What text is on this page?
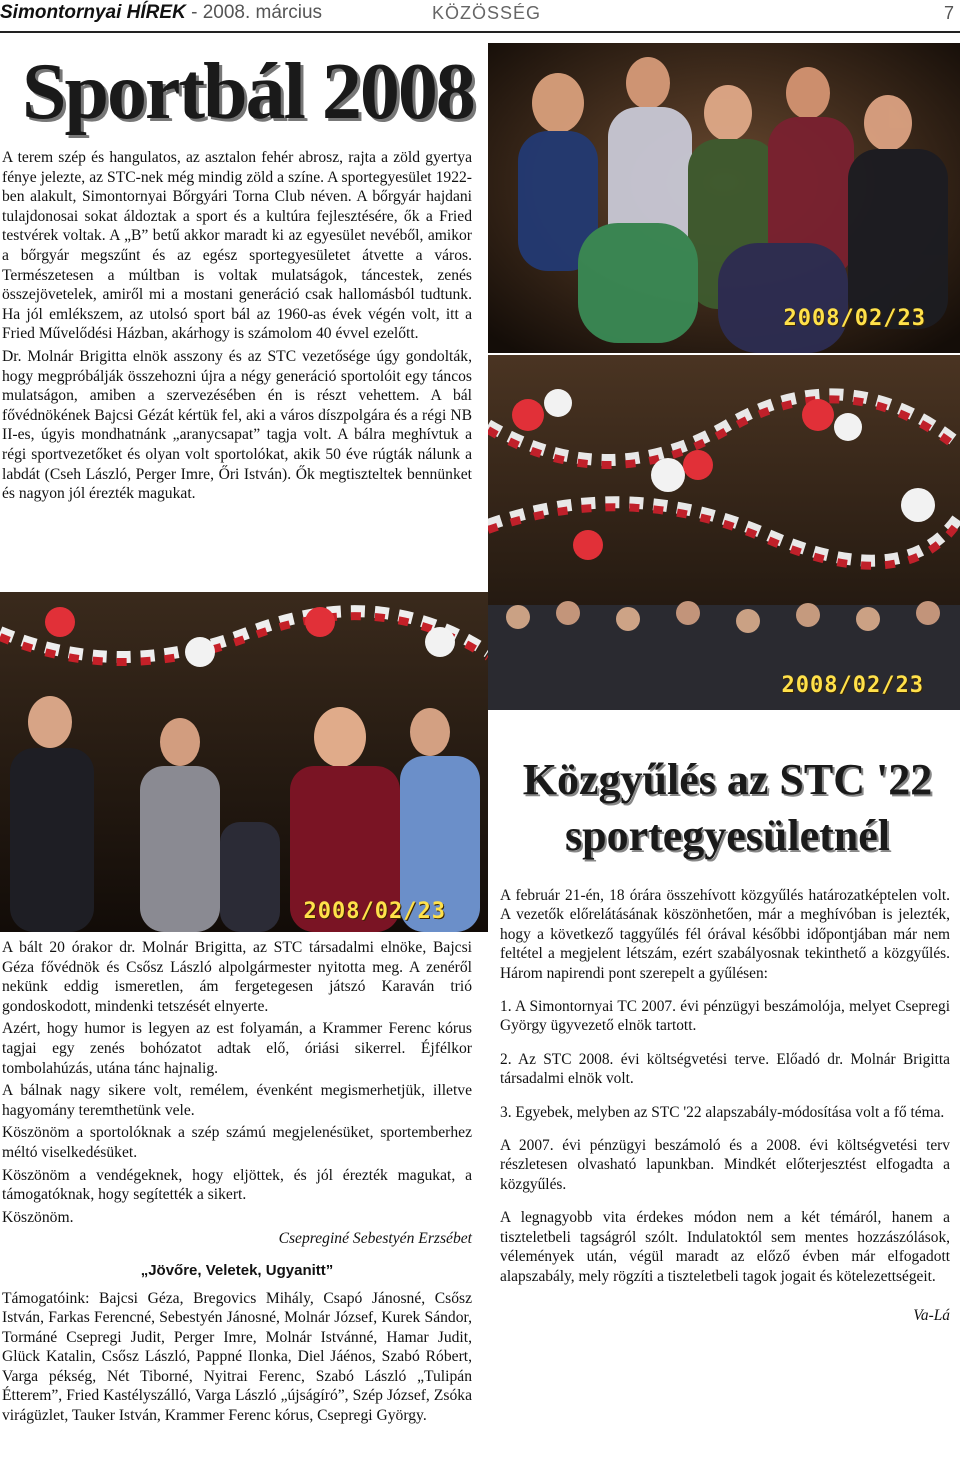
Simontornyai HÍREK - 2008. március	KÖZÖSSÉG	7
Sportbál 2008

A terem szép és hangulatos, az asztalon fehér abrosz, rajta a zöld gyertya fénye jelezte, az STC-nek még mindig zöld a színe. A sportegyesület 1922-ben alakult, Simontornyai Bőrgyári Torna Club néven. A bőrgyár hajdani tulajdonosai sokat áldoztak a sport és a kultúra fejlesztésére, ők a Fried testvérek voltak. A „B” betű akkor maradt ki az egyesület nevéből, amikor a bőrgyár megszűnt és az egész sportegyesületet átvette a város. Természetesen a múltban is voltak mulatságok, táncestek, zenés összejövetelek, amiről mi a mostani generáció csak hallomásból tudtunk. Ha jól emlékszem, az utolsó sport bál az 1960-as évek végén volt, itt a Fried Művelődési Házban, akárhogy is számolom 40 évvel ezelőtt.

Dr. Molnár Brigitta elnök asszony és az STC vezetősége úgy gondolták, hogy megpróbálják összehozni újra a négy generáció sportolóit egy táncos mulatságon, amiben a szervezésében én is részt vehettem. A bál fővédnökének Bajcsi Gézát kértük fel, aki a város díszpolgára és a régi NB II-es, úgyis mondhatnánk „aranycsapat” tagja volt. A bálra meghívtuk a régi sportvezetőket és olyan volt sportolókat, akik 50 éve rúgták nálunk a labdát (Cseh László, Perger Imre, Őri István). Ők megtiszteltek bennünket és nagyon jól érezték magukat.

2008/02/23
2008/02/23
2008/02/23

A bált 20 órakor dr. Molnár Brigitta, az STC társadalmi elnöke, Bajcsi Géza fővédnök és Csősz László alpolgármester nyitotta meg. A zenéről nekünk eddig ismeretlen, ám fergetegesen játszó Karaván trió gondoskodott, mindenki tetszését elnyerte.

Azért, hogy humor is legyen az est folyamán, a Krammer Ferenc kórus tagjai egy zenés bohózatot adtak elő, óriási sikerrel. Éjfélkor tombolahúzás, utána tánc hajnalig.

A bálnak nagy sikere volt, remélem, évenként megismerhetjük, illetve hagyomány teremthetünk vele.

Köszönöm a sportolóknak a szép számú megjelenésüket, sportemberhez méltó viselkedésüket.

Köszönöm a vendégeknek, hogy eljöttek, és jól érezték magukat, a támogatóknak, hogy segítették a sikert.

Köszönöm.

Csepreginé Sebestyén Erzsébet

„Jövőre, Veletek, Ugyanitt”

Támogatóink: Bajcsi Géza, Bregovics Mihály, Csapó Jánosné, Csősz István, Farkas Ferencné, Sebestyén Jánosné, Molnár József, Kurek Sándor, Tormáné Csepregi Judit, Perger Imre, Molnár Istvánné, Hamar Judit, Glück Katalin, Csősz László, Pappné Ilonka, Diel Jáénos, Szabó Róbert, Varga pékség, Nét Tiborné, Nyitrai Ferenc, Szabó László „Tulipán Étterem”, Fried Kastélyszálló, Varga László „újságíró”, Szép József, Zsóka virágüzlet, Tauker István, Krammer Ferenc kórus, Csepregi György.

Közgyűlés az STC '22
sportegyesületnél

A február 21-én, 18 órára összehívott közgyűlés határozatképtelen volt. A vezetők előrelátásának köszönhetően, már a meghívóban is jelezték, hogy a következő taggyűlés fél órával későbbi időpontjában már nem feltétel a megjelent létszám, ezért szabályosnak tekinthető a közgyűlés. Három napirendi pont szerepelt a gyűlésen:

1. A Simontornyai TC 2007. évi pénzügyi beszámolója, melyet Csepregi György ügyvezető elnök tartott.

2. Az STC 2008. évi költségvetési terve. Előadó dr. Molnár Brigitta társadalmi elnök volt.

3. Egyebek, melyben az STC '22 alapszabály-módosítása volt a fő téma.

A 2007. évi pénzügyi beszámoló és a 2008. évi költségvetési terv részletesen olvasható lapunkban. Mindkét előterjesztést elfogadta a közgyűlés.

A legnagyobb vita érdekes módon nem a két témáról, hanem a tiszteletbeli tagságról szólt. Indulatoktól sem mentes hozzászólások, vélemények után, végül maradt az előző évben már elfogadott alapszabály, mely rögzíti a tiszteletbeli tagok jogait és kötelezettségeit.

Va-Lá
